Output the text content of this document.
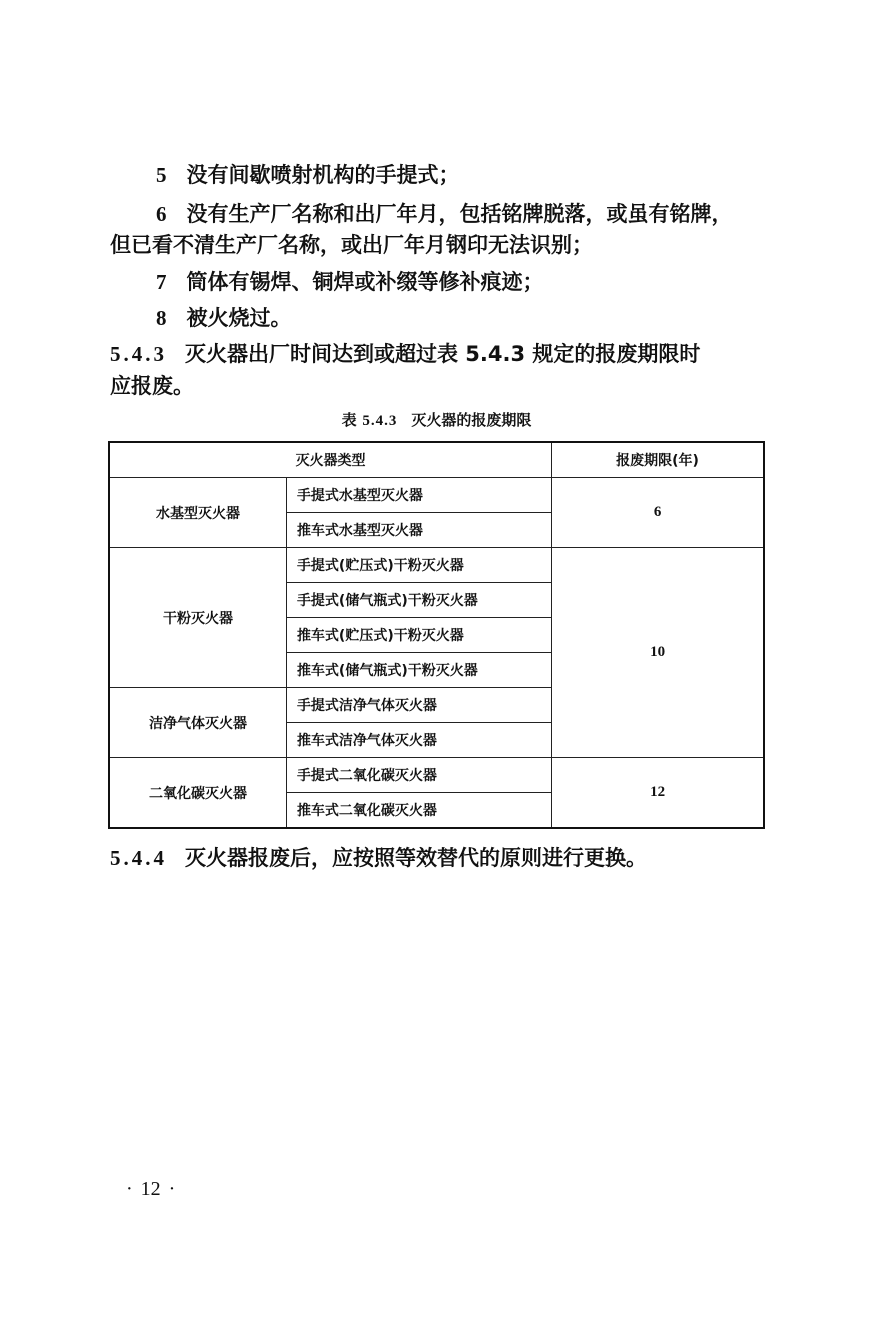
5 没有间歇喷射机构的手提式；
6 没有生产厂名称和出厂年月，包括铭牌脱落，或虽有铭牌，
但已看不清生产厂名称，或出厂年月钢印无法识别；
7 筒体有锡焊、铜焊或补缀等修补痕迹；
8 被火烧过。
5.4.3 灭火器出厂时间达到或超过表 5.4.3 规定的报废期限时
应报废。
表 5.4.3 灭火器的报废期限
灭火器类型		报废期限(年)
水基型灭火器	手提式水基型灭火器	6
	推车式水基型灭火器	
干粉灭火器	手提式(贮压式)干粉灭火器	10
	手提式(储气瓶式)干粉灭火器	
	推车式(贮压式)干粉灭火器	
	推车式(储气瓶式)干粉灭火器	
洁净气体灭火器	手提式洁净气体灭火器	
	推车式洁净气体灭火器	
二氧化碳灭火器	手提式二氧化碳灭火器	12
	推车式二氧化碳灭火器	
5.4.4 灭火器报废后，应按照等效替代的原则进行更换。
· 12 ·
